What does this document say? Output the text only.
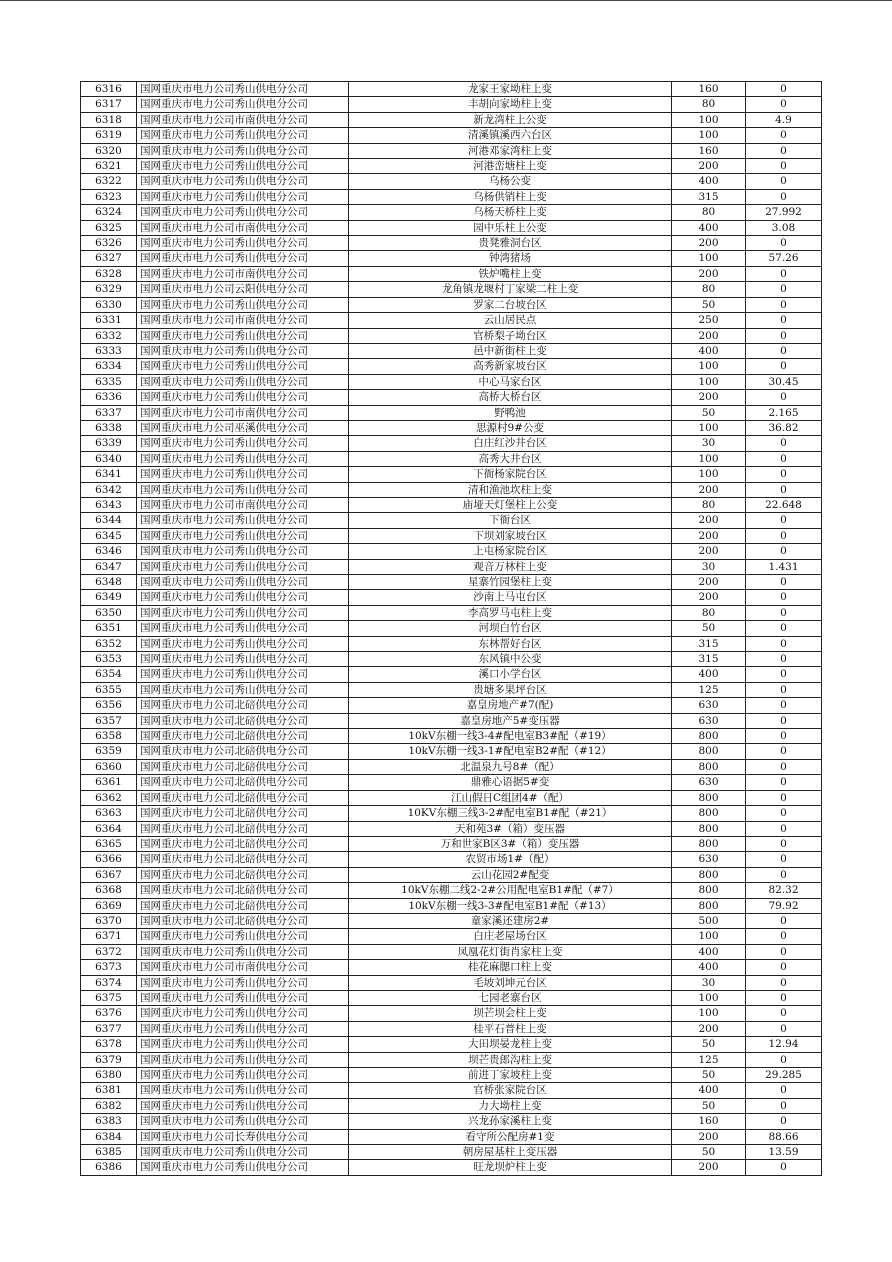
6316	国网重庆市电力公司秀山供电分公司	龙家王家坳柱上变	160	0
6317	国网重庆市电力公司秀山供电分公司	丰胡向家坳柱上变	80	0
6318	国网重庆市电力公司市南供电分公司	新龙湾柱上公变	100	4.9
6319	国网重庆市电力公司秀山供电分公司	清溪镇溪西六台区	100	0
6320	国网重庆市电力公司秀山供电分公司	河港邓家湾柱上变	160	0
6321	国网重庆市电力公司秀山供电分公司	河港峦塘柱上变	200	0
6322	国网重庆市电力公司秀山供电分公司	乌杨公变	400	0
6323	国网重庆市电力公司秀山供电分公司	乌杨供销柱上变	315	0
6324	国网重庆市电力公司秀山供电分公司	乌杨天桥柱上变	80	27.992
6325	国网重庆市电力公司市南供电分公司	园中乐柱上公变	400	3.08
6326	国网重庆市电力公司秀山供电分公司	贵凳雅洞台区	200	0
6327	国网重庆市电力公司秀山供电分公司	钟湾猪场	100	57.26
6328	国网重庆市电力公司市南供电分公司	铁炉嘴柱上变	200	0
6329	国网重庆市电力公司云阳供电分公司	龙角镇龙堰村丁家梁二柱上变	80	0
6330	国网重庆市电力公司秀山供电分公司	罗家二台坡台区	50	0
6331	国网重庆市电力公司市南供电分公司	云山居民点	250	0
6332	国网重庆市电力公司秀山供电分公司	官桥梨子坳台区	200	0
6333	国网重庆市电力公司秀山供电分公司	邑中新街柱上变	400	0
6334	国网重庆市电力公司秀山供电分公司	高秀新家坡台区	100	0
6335	国网重庆市电力公司秀山供电分公司	中心马家台区	100	30.45
6336	国网重庆市电力公司秀山供电分公司	高桥大桥台区	200	0
6337	国网重庆市电力公司市南供电分公司	野鸭池	50	2.165
6338	国网重庆市电力公司巫溪供电分公司	思源村9#公变	100	36.82
6339	国网重庆市电力公司秀山供电分公司	白庄红沙井台区	30	0
6340	国网重庆市电力公司秀山供电分公司	高秀大井台区	100	0
6341	国网重庆市电力公司秀山供电分公司	下衙杨家院台区	100	0
6342	国网重庆市电力公司秀山供电分公司	清和渔池坎柱上变	200	0
6343	国网重庆市电力公司市南供电分公司	庙垭天灯堡柱上公变	80	22.648
6344	国网重庆市电力公司秀山供电分公司	下衙台区	200	0
6345	国网重庆市电力公司秀山供电分公司	下坝刘家坡台区	200	0
6346	国网重庆市电力公司秀山供电分公司	上屯杨家院台区	200	0
6347	国网重庆市电力公司秀山供电分公司	观音万林柱上变	30	1.431
6348	国网重庆市电力公司秀山供电分公司	星寨竹园堡柱上变	200	0
6349	国网重庆市电力公司秀山供电分公司	沙南上马屯台区	200	0
6350	国网重庆市电力公司秀山供电分公司	李高罗马屯柱上变	80	0
6351	国网重庆市电力公司秀山供电分公司	河坝白竹台区	50	0
6352	国网重庆市电力公司秀山供电分公司	东林帮好台区	315	0
6353	国网重庆市电力公司秀山供电分公司	东风镇中公变	315	0
6354	国网重庆市电力公司秀山供电分公司	溪口小学台区	400	0
6355	国网重庆市电力公司秀山供电分公司	贵塘多果坪台区	125	0
6356	国网重庆市电力公司北碚供电分公司	嘉皇房地产#7(配)	630	0
6357	国网重庆市电力公司北碚供电分公司	嘉皇房地产5#变压器	630	0
6358	国网重庆市电力公司北碚供电分公司	10kV东棚一线3-4#配电室B3#配（#19）	800	0
6359	国网重庆市电力公司北碚供电分公司	10kV东棚一线3-1#配电室B2#配（#12）	800	0
6360	国网重庆市电力公司北碚供电分公司	北温泉九号8#（配）	800	0
6361	国网重庆市电力公司北碚供电分公司	鼎雅心语据5#变	630	0
6362	国网重庆市电力公司北碚供电分公司	江山假日C组团4#（配）	800	0
6363	国网重庆市电力公司北碚供电分公司	10KV东棚三线3-2#配电室B1#配（#21）	800	0
6364	国网重庆市电力公司北碚供电分公司	天和苑3#（箱）变压器	800	0
6365	国网重庆市电力公司北碚供电分公司	万和世家B区3#（箱）变压器	800	0
6366	国网重庆市电力公司北碚供电分公司	农贸市场1#（配）	630	0
6367	国网重庆市电力公司北碚供电分公司	云山花园2#配变	800	0
6368	国网重庆市电力公司北碚供电分公司	10kV东棚二线2-2#公用配电室B1#配（#7）	800	82.32
6369	国网重庆市电力公司北碚供电分公司	10kV东棚一线3-3#配电室B1#配（#13）	800	79.92
6370	国网重庆市电力公司北碚供电分公司	童家溪还建房2#	500	0
6371	国网重庆市电力公司秀山供电分公司	白庄老屋场台区	100	0
6372	国网重庆市电力公司秀山供电分公司	凤凰花灯街肖家柱上变	400	0
6373	国网重庆市电力公司市南供电分公司	桂花麻腮口柱上变	400	0
6374	国网重庆市电力公司秀山供电分公司	毛坡刘坤元台区	30	0
6375	国网重庆市电力公司秀山供电分公司	七园老寨台区	100	0
6376	国网重庆市电力公司秀山供电分公司	坝芒坝会柱上变	100	0
6377	国网重庆市电力公司秀山供电分公司	桂平石普柱上变	200	0
6378	国网重庆市电力公司秀山供电分公司	大田坝晏龙柱上变	50	12.94
6379	国网重庆市电力公司秀山供电分公司	坝芒贵郎沟柱上变	125	0
6380	国网重庆市电力公司秀山供电分公司	前进丁家坡柱上变	50	29.285
6381	国网重庆市电力公司秀山供电分公司	官桥张家院台区	400	0
6382	国网重庆市电力公司秀山供电分公司	力大坳柱上变	50	0
6383	国网重庆市电力公司秀山供电分公司	兴龙孙家溪柱上变	160	0
6384	国网重庆市电力公司长寿供电分公司	看守所公配房#1变	200	88.66
6385	国网重庆市电力公司秀山供电分公司	朝房屋基柱上变压器	50	13.59
6386	国网重庆市电力公司秀山供电分公司	旺龙坝炉柱上变	200	0
